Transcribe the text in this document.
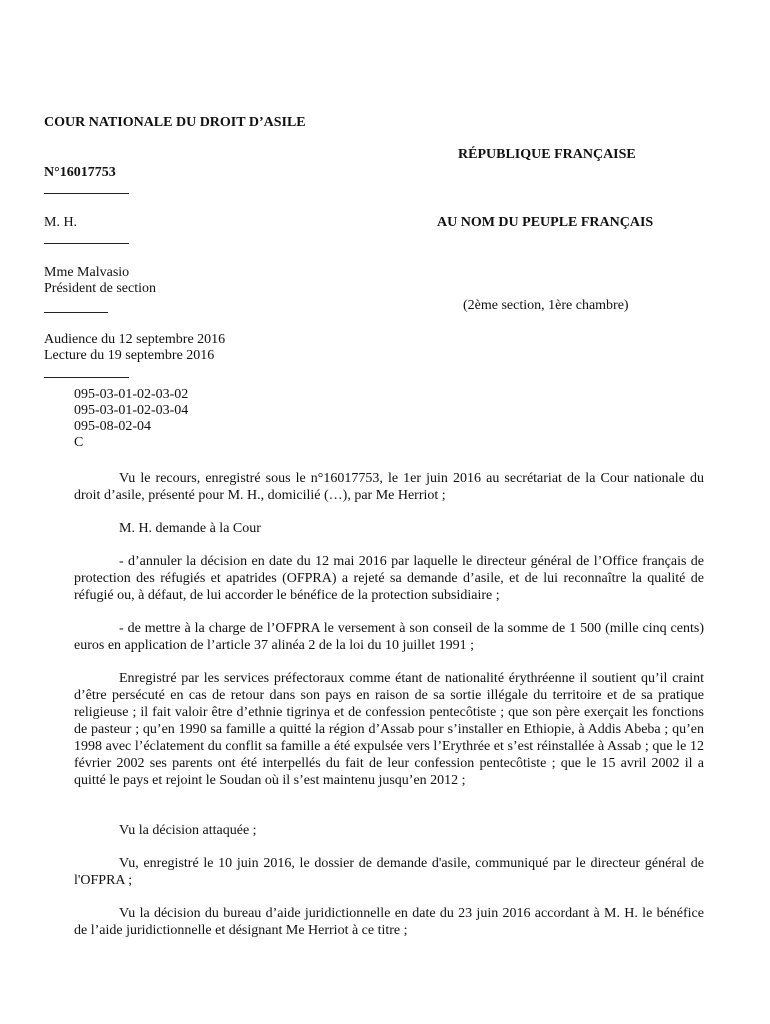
COUR NATIONALE DU DROIT D’ASILE
RÉPUBLIQUE FRANÇAISE
N°16017753
M. H.	AU NOM DU PEUPLE FRANÇAIS
Mme Malvasio
Président de section
(2ème section, 1ère chambre)
Audience du 12 septembre 2016
Lecture du 19 septembre 2016
095-03-01-02-03-02
095-03-01-02-03-04
095-08-02-04
C

Vu le recours, enregistré sous le n°16017753, le 1er juin 2016 au secrétariat de la Cour nationale du droit d’asile, présenté pour M. H., domicilié (…), par Me Herriot ;

M. H. demande à la Cour

- d’annuler la décision en date du 12 mai 2016 par laquelle le directeur général de l’Office français de protection des réfugiés et apatrides (OFPRA) a rejeté sa demande d’asile, et de lui reconnaître la qualité de réfugié ou, à défaut, de lui accorder le bénéfice de la protection subsidiaire ;

- de mettre à la charge de l’OFPRA le versement à son conseil de la somme de 1 500 (mille cinq cents) euros en application de l’article 37 alinéa 2 de la loi du 10 juillet 1991 ;

Enregistré par les services préfectoraux comme étant de nationalité érythréenne il soutient qu’il craint d’être persécuté en cas de retour dans son pays en raison de sa sortie illégale du territoire et de sa pratique religieuse ; il fait valoir être d’ethnie tigrinya et de confession pentecôtiste ; que son père exerçait les fonctions de pasteur ; qu’en 1990 sa famille a quitté la région d’Assab pour s’installer en Ethiopie, à Addis Abeba ; qu’en 1998 avec l’éclatement du conflit sa famille a été expulsée vers l’Erythrée et s’est réinstallée à Assab ; que le 12 février 2002 ses parents ont été interpellés du fait de leur confession pentecôtiste ; que le 15 avril 2002 il a quitté le pays et rejoint le Soudan où il s’est maintenu jusqu’en 2012 ;

Vu la décision attaquée ;

Vu, enregistré le 10 juin 2016, le dossier de demande d'asile, communiqué par le directeur général de l'OFPRA ;

Vu la décision du bureau d’aide juridictionnelle en date du 23 juin 2016 accordant à M. H. le bénéfice de l’aide juridictionnelle et désignant Me Herriot à ce titre ;
